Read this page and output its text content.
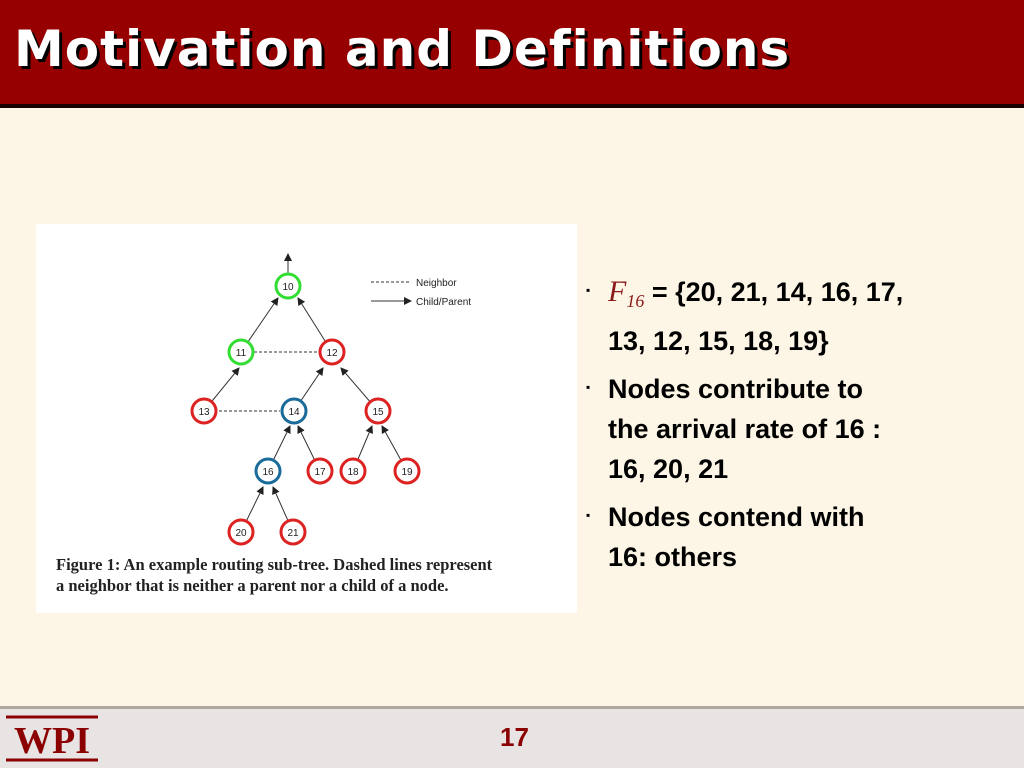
Motivation and Definitions
10
11	12
13	14	15
16	17 18	19
20	21
Neighbor
Child/Parent
Figure 1: An example routing sub-tree. Dashed lines represent
a neighbor that is neither a parent nor a child of a node.
▪ $F_{16} = \{20$, 21, 14, 16, 17, 13, 12, 15, 18, 19}
▪ Nodes contribute to the arrival rate of 16 : 16, 20, 21
▪ Nodes contend with 16: others
WPI	17
